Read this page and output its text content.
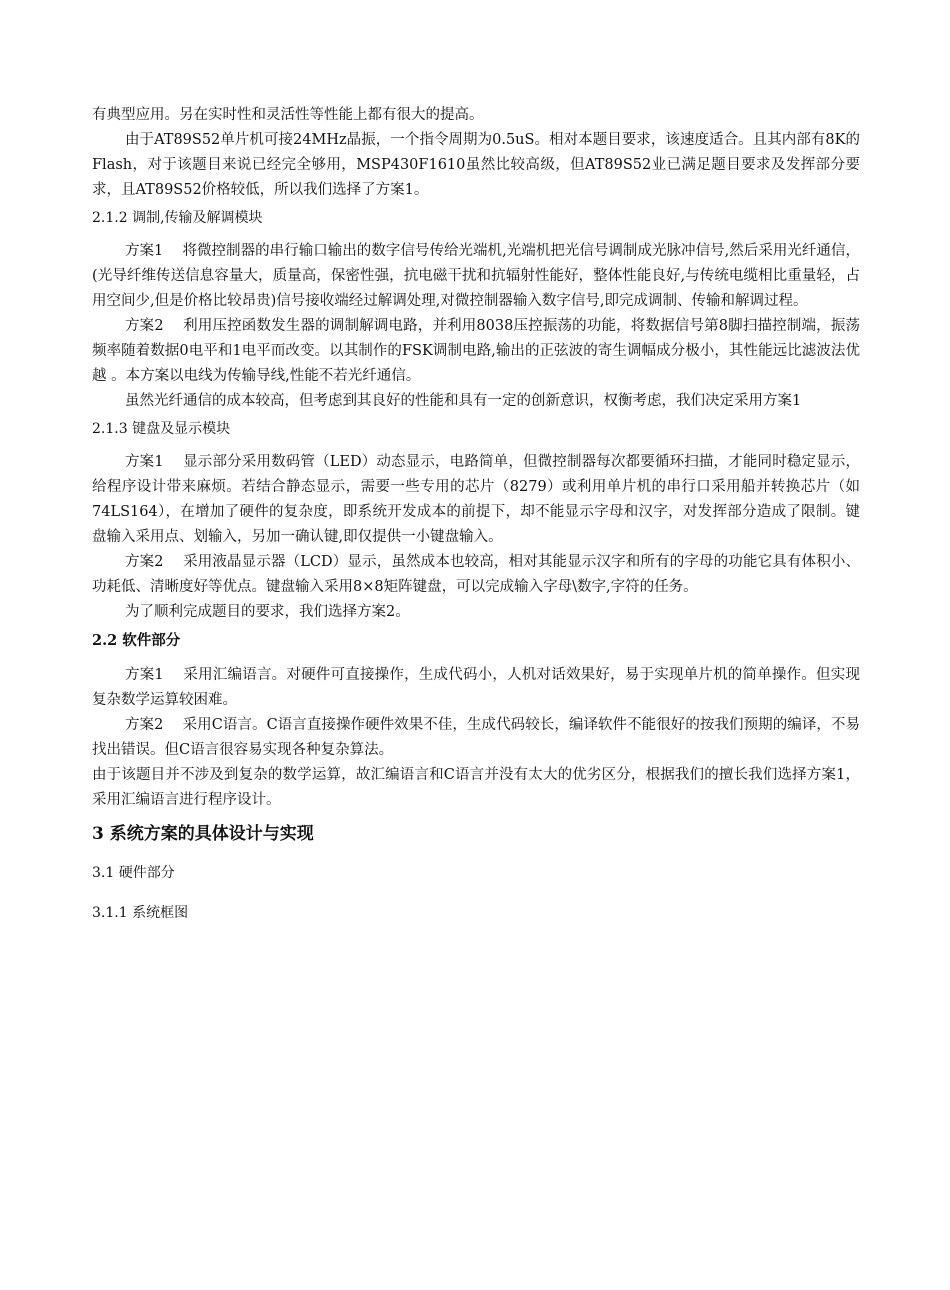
有典型应用。另在实时性和灵活性等性能上都有很大的提高。

由于AT89S52单片机可接24MHz晶振，一个指令周期为0.5uS。相对本题目要求，该速度适合。且其内部有8K的Flash，对于该题目来说已经完全够用，MSP430F1610虽然比较高级，但AT89S52业已满足题目要求及发挥部分要求，且AT89S52价格较低，所以我们选择了方案1。

2.1.2 调制,传输及解调模块

方案1　 将微控制器的串行输口输出的数字信号传给光端机,光端机把光信号调制成光脉冲信号,然后采用光纤通信，(光导纤维传送信息容量大，质量高，保密性强，抗电磁干扰和抗辐射性能好，整体性能良好,与传统电缆相比重量轻，占用空间少,但是价格比较昂贵)信号接收端经过解调处理,对微控制器输入数字信号,即完成调制、传输和解调过程。

方案2　 利用压控函数发生器的调制解调电路，并利用8038压控振荡的功能，将数据信号第8脚扫描控制端，振荡频率随着数据0电平和1电平而改变。以其制作的FSK调制电路,输出的正弦波的寄生调幅成分极小，其性能远比滤波法优越 。本方案以电线为传输导线,性能不若光纤通信。

虽然光纤通信的成本较高，但考虑到其良好的性能和具有一定的创新意识，权衡考虑，我们决定采用方案1

2.1.3 键盘及显示模块

方案1　 显示部分采用数码管（LED）动态显示，电路简单，但微控制器每次都要循环扫描，才能同时稳定显示，给程序设计带来麻烦。若结合静态显示，需要一些专用的芯片（8279）或利用单片机的串行口采用船并转换芯片（如74LS164），在增加了硬件的复杂度，即系统开发成本的前提下，却不能显示字母和汉字，对发挥部分造成了限制。键盘输入采用点、划输入，另加一确认键,即仅提供一小键盘输入。

方案2　 采用液晶显示器（LCD）显示，虽然成本也较高，相对其能显示汉字和所有的字母的功能它具有体积小、功耗低、清晰度好等优点。键盘输入采用8×8矩阵键盘，可以完成输入字母\数字,字符的任务。

为了顺利完成题目的要求，我们选择方案2。

2.2 软件部分

方案1　 采用汇编语言。对硬件可直接操作，生成代码小，人机对话效果好，易于实现单片机的简单操作。但实现复杂数学运算较困难。

方案2　 采用C语言。C语言直接操作硬件效果不佳，生成代码较长，编译软件不能很好的按我们预期的编译，不易找出错误。但C语言很容易实现各种复杂算法。

由于该题目并不涉及到复杂的数学运算，故汇编语言和C语言并没有太大的优劣区分，根据我们的擅长我们选择方案1，采用汇编语言进行程序设计。

3 系统方案的具体设计与实现
3.1 硬件部分
3.1.1 系统框图
